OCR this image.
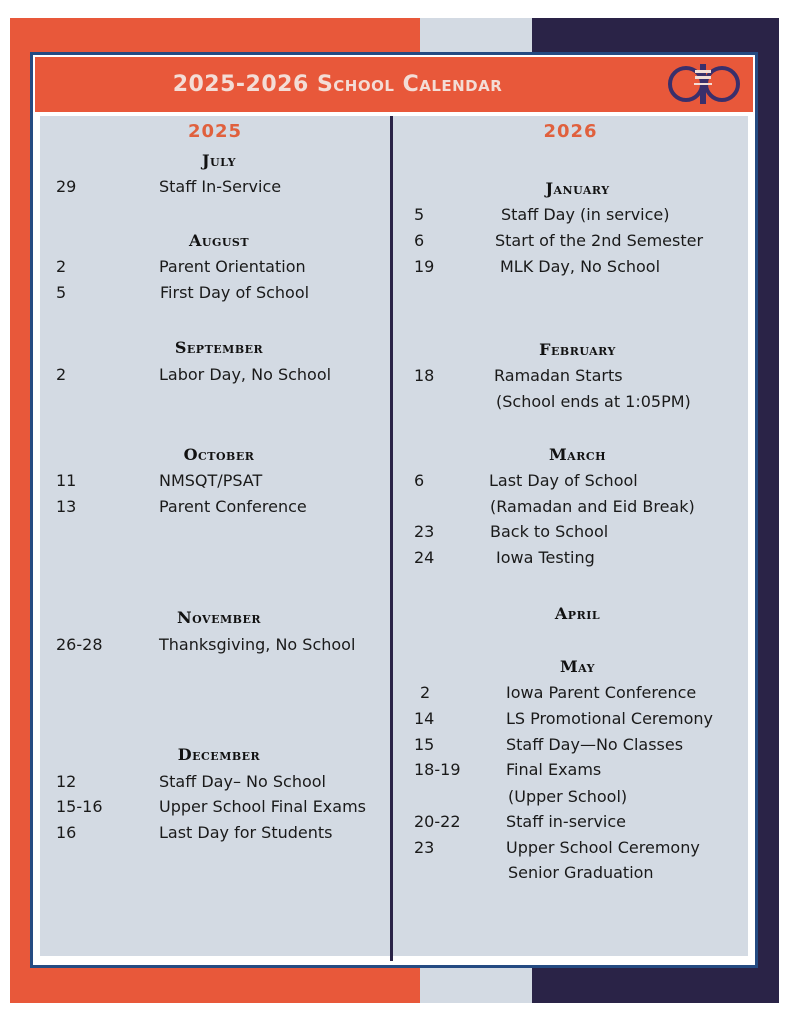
2025-2026 School Calendar
2025	2026
July
29	Staff In-Service
August
2	Parent Orientation
5	First Day of School
September
2	Labor Day, No School
October
11	NMSQT/PSAT
13	Parent Conference
November
26-28	Thanksgiving, No School
December
12	Staff Day– No School
15-16	Upper School Final Exams
16	Last Day for Students
January
5	Staff Day (in service)
6	Start of the 2nd Semester
19	MLK Day, No School
February
18	Ramadan Starts
(School ends at 1:05PM)
March
6	Last Day of School
(Ramadan and Eid Break)
23	Back to School
24	Iowa Testing
April
May
2	Iowa Parent Conference
14	LS Promotional Ceremony
15	Staff Day—No Classes
18-19	Final Exams
(Upper School)
20-22	Staff in-service
23	Upper School Ceremony
Senior Graduation
